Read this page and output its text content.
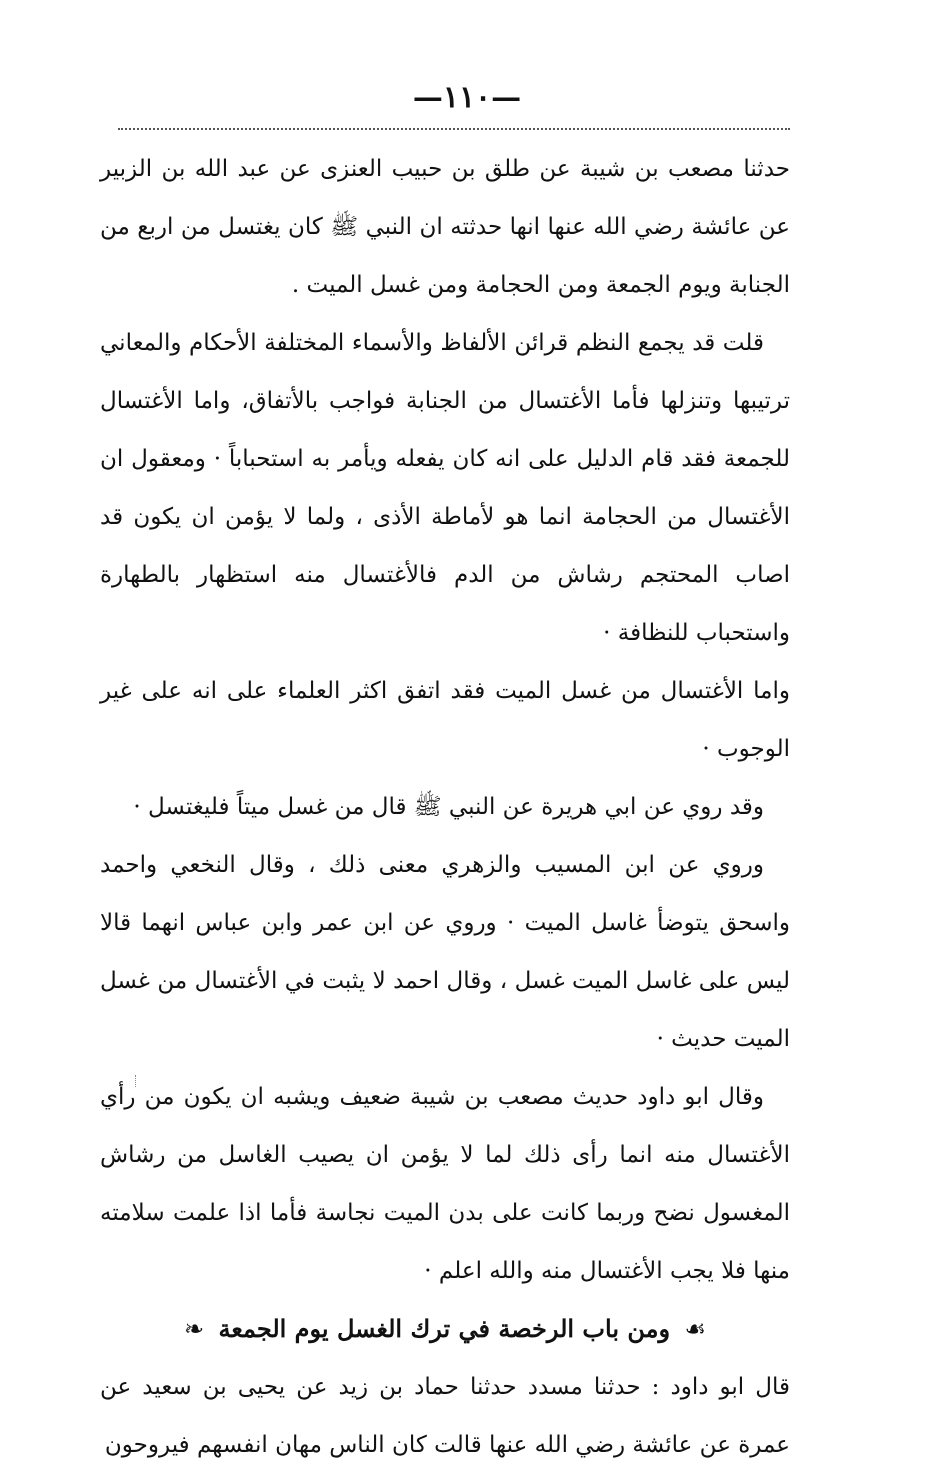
—١١٠—

حدثنا مصعب بن شيبة عن طلق بن حبيب العنزى عن عبد الله بن الزبير عن عائشة رضي الله عنها انها حدثته ان النبي ﷺ كان يغتسل من اربع من الجنابة ويوم الجمعة ومن الحجامة ومن غسل الميت .

قلت قد يجمع النظم قرائن الألفاظ والأسماء المختلفة الأحكام والمعاني ترتيبها وتنزلها فأما الأغتسال من الجنابة فواجب بالأتفاق، واما الأغتسال للجمعة فقد قام الدليل على انه كان يفعله ويأمر به استحباباً · ومعقول ان الأغتسال من الحجامة انما هو لأماطة الأذى ، ولما لا يؤمن ان يكون قد اصاب المحتجم رشاش من الدم فالأغتسال منه استظهار بالطهارة واستحباب للنظافة ·

واما الأغتسال من غسل الميت فقد اتفق اكثر العلماء على انه على غير الوجوب ·

وقد روي عن ابي هريرة عن النبي ﷺ قال من غسل ميتاً فليغتسل ·

وروي عن ابن المسيب والزهري معنى ذلك ، وقال النخعي واحمد واسحق يتوضأ غاسل الميت · وروي عن ابن عمر وابن عباس انهما قالا ليس على غاسل الميت غسل ، وقال احمد لا يثبت في الأغتسال من غسل الميت حديث ·

وقال ابو داود حديث مصعب بن شيبة ضعيف ويشبه ان يكون من رأي الأغتسال منه انما رأى ذلك لما لا يؤمن ان يصيب الغاسل من رشاش المغسول نضح وربما كانت على بدن الميت نجاسة فأما اذا علمت سلامته منها فلا يجب الأغتسال منه والله اعلم ·

☙ ومن باب الرخصة في ترك الغسل يوم الجمعة ❧

قال ابو داود : حدثنا مسدد حدثنا حماد بن زيد عن يحيى بن سعيد عن عمرة عن عائشة رضي الله عنها قالت كان الناس مهان انفسهم فيروحون
